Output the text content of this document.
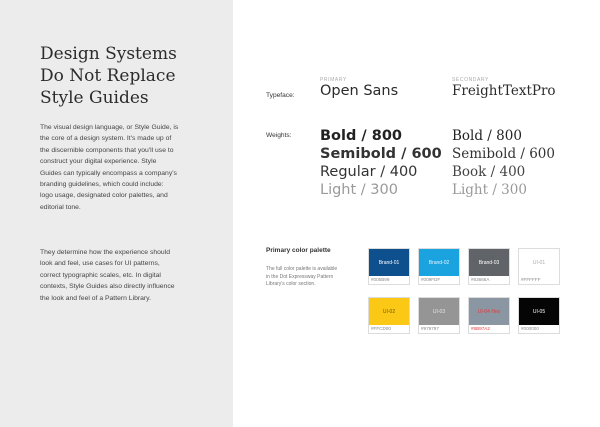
Design Systems
Do Not Replace
Style Guides
The visual design language, or Style Guide, is
the core of a design system. It's made up of
the discernible components that you'll use to
construct your digital experience. Style
Guides can typically encompass a company's
branding guidelines, which could include:
logo usage, designated color palettes, and
editorial tone.
They determine how the experience should
look and feel, use cases for UI patterns,
correct typographic scales, etc. In digital
contexts, Style Guides also directly influence
the look and feel of a Pattern Library.
Typeface:
PRIMARY
Open Sans
SECONDARY
FreightTextPro
Weights: Bold / 800
Semibold / 600
Regular / 400
Light / 300
Bold / 800
Semibold / 600
Book / 400
Light / 300
Primary color palette
The full color palette is available
in the Dot Expressway Pattern
Library's color section.
Brand-01
#005B99
Brand-02
#009FDF
Brand-03
#63666A
UI-01
#FFFFFF
UI-02
#FFCD00
UI-03
#979797
UI-04 Hex
#8B97A2
UI-05
#000000
